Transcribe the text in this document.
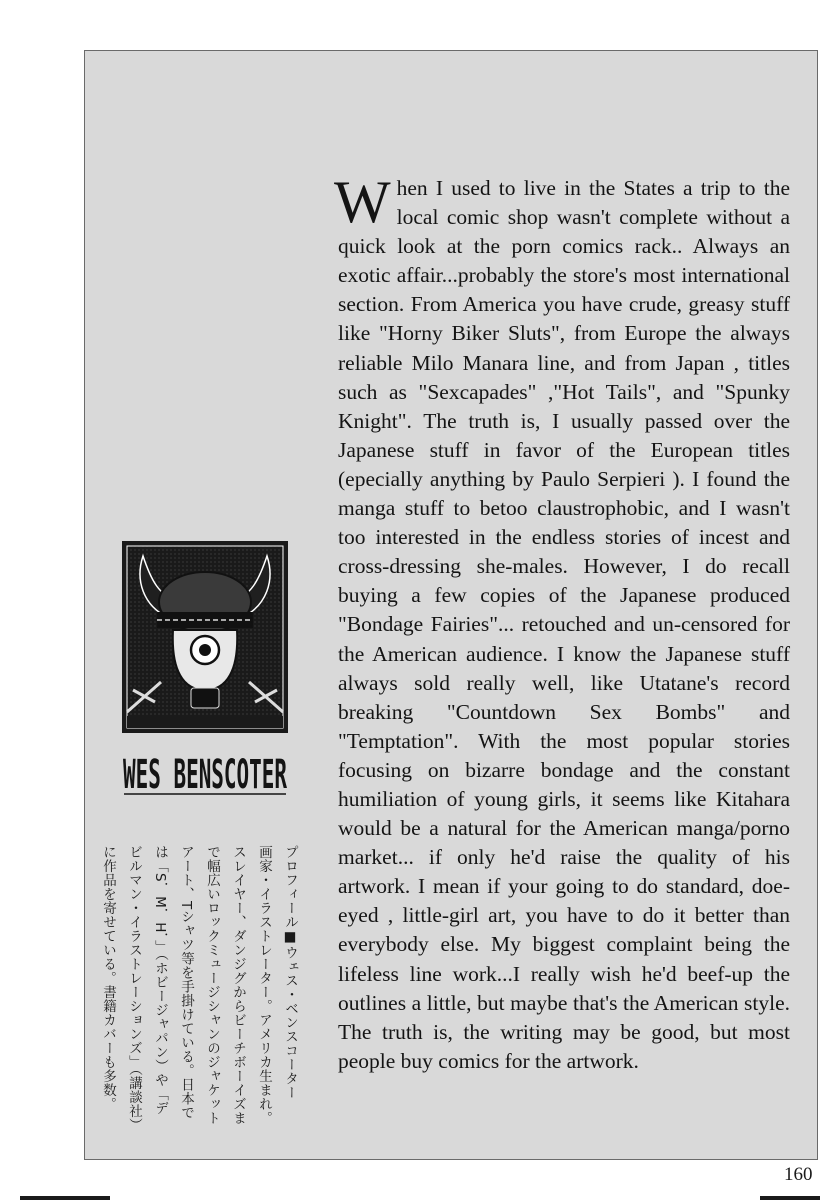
When I used to live in the States a trip to the local comic shop wasn't complete without a quick look at the porn comics rack.. Always an exotic affair...probably the store's most international section. From America you have crude, greasy stuff like "Horny Biker Sluts", from Europe the always reliable Milo Manara line, and from Japan , titles such as "Sexcapades" ,"Hot Tails", and "Spunky Knight". The truth is, I usually passed over the Japanese stuff in favor of the European titles (epecially anything by Paulo Serpieri ). I found the manga stuff to betoo claustrophobic, and I wasn't too interested in the endless stories of incest and cross-dressing she-males. However, I do recall buying a few copies of the Japanese produced "Bondage Fairies"... retouched and un-censored for the American audience. I know the Japanese stuff always sold really well, like Utatane's record breaking "Countdown Sex Bombs" and "Temptation". With the most popular stories focusing on bizarre bondage and the constant humiliation of young girls, it seems like Kitahara would be a natural for the American manga/porno market... if only he'd raise the quality of his artwork. I mean if your going to do standard, doe-eyed , little-girl art, you have to do it better than everybody else. My biggest complaint being the lifeless line work...I really wish he'd beef-up the outlines a little, but maybe that's the American style. The truth is, the writing may be good, but most people buy comics for the artwork.

WES BENSCOTER
プロフィール■ウェス・ベンスコーター
画家・イラストレーター。アメリカ生まれ。
スレイヤー、ダンジグからビーチボーイズま
で幅広いロックミュージシャンのジャケット
アート、Tシャツ等を手掛けている。日本で
は「S．M．H．」（ホビージャパン）や「デ
ビルマン・イラストレーションズ」（講談社）
に作品を寄せている。書籍カバーも多数。
160
